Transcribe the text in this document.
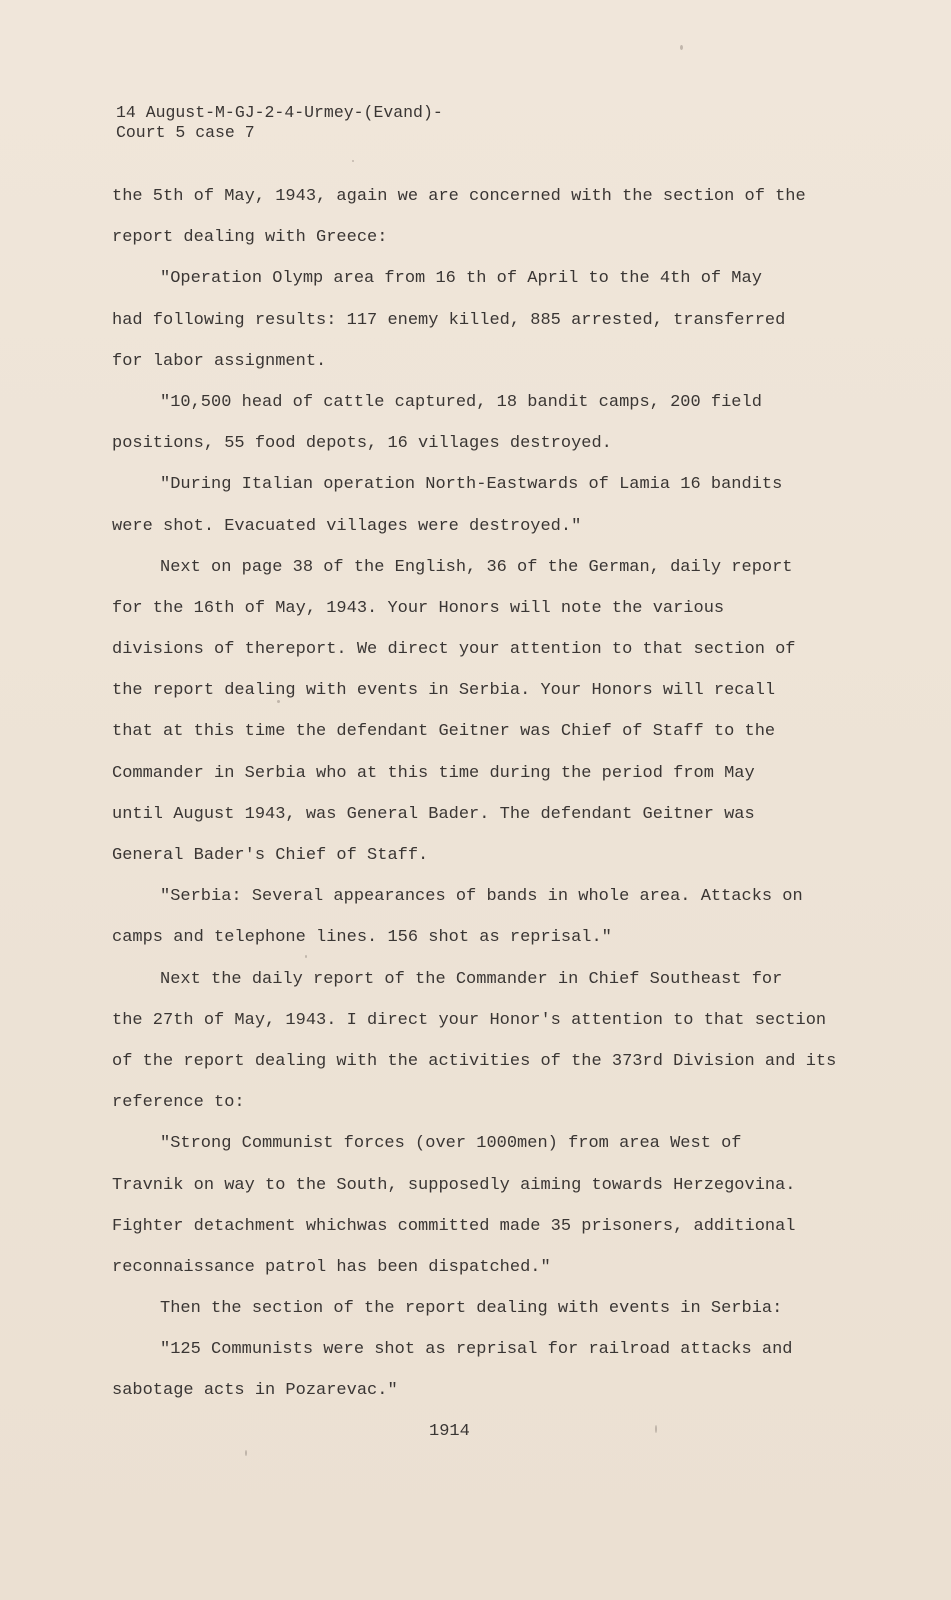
14 August-M-GJ-2-4-Urmey-(Evand)-
Court 5 case 7
the 5th of May, 1943, again we are concerned with the section of the
report dealing with Greece:
"Operation Olymp area from 16 th of April to the 4th of May
had following results: 117 enemy killed, 885 arrested, transferred
for labor assignment.
"10,500 head of cattle captured, 18 bandit camps, 200 field
positions, 55 food depots, 16 villages destroyed.
"During Italian operation North-Eastwards of Lamia 16 bandits
were shot. Evacuated villages were destroyed."
Next on page 38 of the English, 36 of the German, daily report
for the 16th of May, 1943. Your Honors will note the various
divisions of thereport. We direct your attention to that section of
the report dealing with events in Serbia. Your Honors will recall
that at this time the defendant Geitner was Chief of Staff to the
Commander in Serbia who at this time during the period from May
until August 1943, was General Bader. The defendant Geitner was
General Bader's Chief of Staff.
"Serbia: Several appearances of bands in whole area. Attacks on
camps and telephone lines. 156 shot as reprisal."
Next the daily report of the Commander in Chief Southeast for
the 27th of May, 1943. I direct your Honor's attention to that section
of the report dealing with the activities of the 373rd Division and its
reference to:
"Strong Communist forces (over 1000men) from area West of
Travnik on way to the South, supposedly aiming towards Herzegovina.
Fighter detachment whichwas committed made 35 prisoners, additional
reconnaissance patrol has been dispatched."
Then the section of the report dealing with events in Serbia:
"125 Communists were shot as reprisal for railroad attacks and
sabotage acts in Pozarevac."
1914
